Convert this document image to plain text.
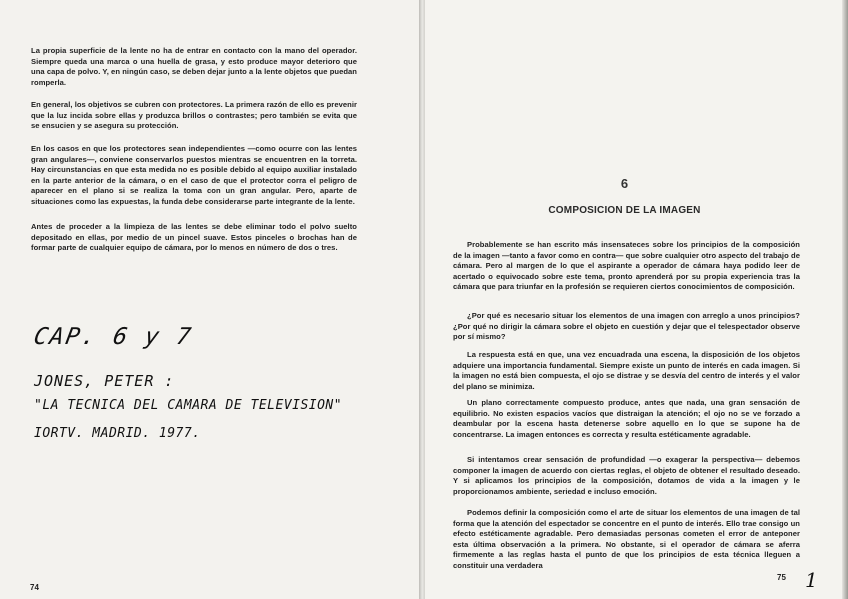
La propia superficie de la lente no ha de entrar en contacto con la mano del operador. Siempre queda una marca o una huella de grasa, y esto produce mayor deterioro que una capa de polvo. Y, en ningún caso, se deben dejar junto a la lente objetos que puedan romperla.

En general, los objetivos se cubren con protectores. La primera razón de ello es prevenir que la luz incida sobre ellas y produzca brillos o contrastes; pero también se evita que se ensucien y se asegura su protección.

En los casos en que los protectores sean independientes —como ocurre con las lentes gran angulares—, conviene conservarlos puestos mientras se encuentren en la torreta. Hay circunstancias en que esta medida no es posible debido al equipo auxiliar instalado en la parte anterior de la cámara, o en el caso de que el protector corra el peligro de aparecer en el plano si se realiza la toma con un gran angular. Pero, aparte de situaciones como las expuestas, la funda debe considerarse parte integrante de la lente.

Antes de proceder a la limpieza de las lentes se debe eliminar todo el polvo suelto depositado en ellas, por medio de un pincel suave. Estos pinceles o brochas han de formar parte de cualquier equipo de cámara, por lo menos en número de dos o tres.

CAP. 6 y 7
JONES, PETER :
"LA TECNICA DEL CAMARA DE TELEVISION"
IORTV. MADRID. 1977.
74
6
COMPOSICION DE LA IMAGEN

Probablemente se han escrito más insensateces sobre los principios de la composición de la imagen —tanto a favor como en contra— que sobre cualquier otro aspecto del trabajo de cámara. Pero al margen de lo que el aspirante a operador de cámara haya podido leer de acertado o equivocado sobre este tema, pronto aprenderá por su propia experiencia tras la cámara que para triunfar en la profesión se requieren ciertos conocimientos de composición.

¿Por qué es necesario situar los elementos de una imagen con arreglo a unos principios? ¿Por qué no dirigir la cámara sobre el objeto en cuestión y dejar que el telespectador observe por sí mismo?

La respuesta está en que, una vez encuadrada una escena, la disposición de los objetos adquiere una importancia fundamental. Siempre existe un punto de interés en cada imagen. Si la imagen no está bien compuesta, el ojo se distrae y se desvía del centro de interés y el valor del plano se minimiza.

Un plano correctamente compuesto produce, antes que nada, una gran sensación de equilibrio. No existen espacios vacíos que distraigan la atención; el ojo no se ve forzado a deambular por la escena hasta detenerse sobre aquello en lo que se supone ha de concentrarse. La imagen entonces es correcta y resulta estéticamente agradable.

Si intentamos crear sensación de profundidad —o exagerar la perspectiva— debemos componer la imagen de acuerdo con ciertas reglas, el objeto de obtener el resultado deseado. Y si aplicamos los principios de la composición, dotamos de vida a la imagen y le proporcionamos ambiente, seriedad e incluso emoción.

Podemos definir la composición como el arte de situar los elementos de una imagen de tal forma que la atención del espectador se concentre en el punto de interés. Ello trae consigo un efecto estéticamente agradable. Pero demasiadas personas cometen el error de anteponer esta última observación a la primera. No obstante, si el operador de cámara se aferra firmemente a las reglas hasta el punto de que los principios de esta técnica lleguen a constituir una verdadera

75 1
